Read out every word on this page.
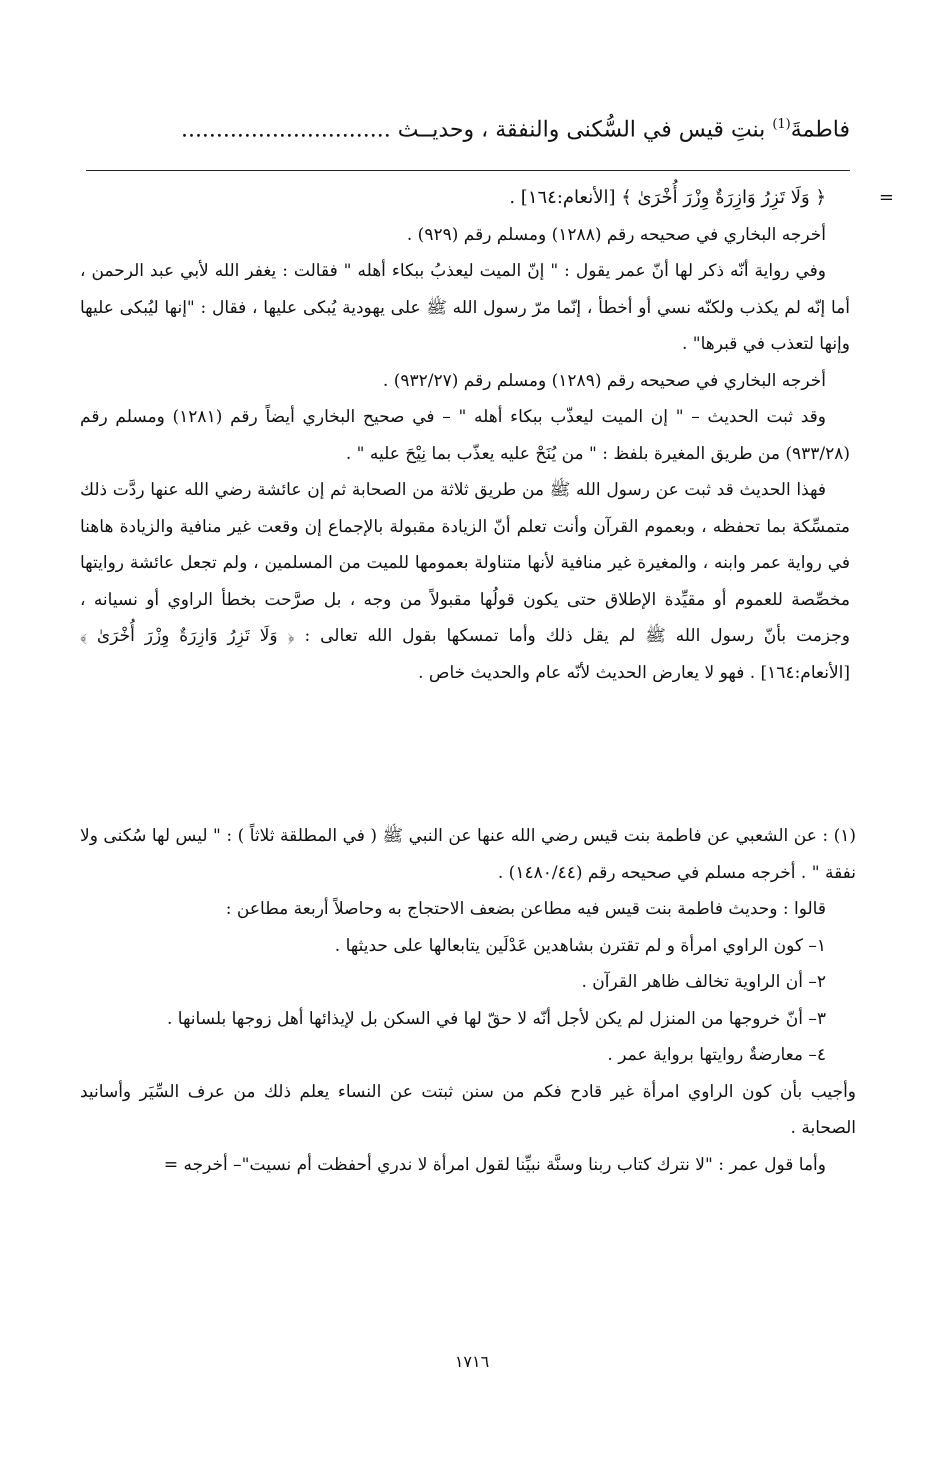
فاطمةَ$^{(1)}$ بنتِ قيس في السُّكنى والنفقة ، وحديــث ..............................

=
﴿ وَلَا تَزِرُ وَازِرَةٌ وِزْرَ أُخْرَىٰ ﴾ [الأنعام:١٦٤] .

أخرجه البخاري في صحيحه رقم (١٢٨٨) ومسلم رقم (٩٢٩) .

وفي رواية أنّه ذكر لها أنّ عمر يقول : " إنّ الميت ليعذبُ ببكاء أهله " فقالت : يغفر الله لأبي عبد الرحمن ، أما إنّه لم يكذب ولكنّه نسي أو أخطأ ، إنّما مرّ رسول الله ﷺ على يهودية يُبكى عليها ، فقال : "إنها ليُبكى عليها وإنها لتعذب في قبرها" .

أخرجه البخاري في صحيحه رقم (١٢٨٩) ومسلم رقم (٩٣٢/٢٧) .

وقد ثبت الحديث – " إن الميت ليعذّب ببكاء أهله " – في صحيح البخاري أيضاً رقم (١٢٨١) ومسلم رقم (٩٣٣/٢٨) من طريق المغيرة بلفظ : " من يُنَحْ عليه يعذّب بما نِيْحَ عليه " .

فهذا الحديث قد ثبت عن رسول الله ﷺ من طريق ثلاثة من الصحابة ثم إن عائشة رضي الله عنها ردَّت ذلك متمسِّكة بما تحفظه ، وبعموم القرآن وأنت تعلم أنّ الزيادة مقبولة بالإجماع إن وقعت غير منافية والزيادة هاهنا في رواية عمر وابنه ، والمغيرة غير منافية لأنها متناولة بعمومها للميت من المسلمين ، ولم تجعل عائشة روايتها مخصِّصة للعموم أو مقيِّدة الإطلاق حتى يكون قولُها مقبولاً من وجه ، بل صرَّحت بخطأ الراوي أو نسيانه ، وجزمت بأنّ رسول الله ﷺ لم يقل ذلك وأما تمسكها بقول الله تعالى : ﴿ وَلَا تَزِرُ وَازِرَةٌ وِزْرَ أُخْرَىٰ ﴾ [الأنعام:١٦٤] . فهو لا يعارض الحديث لأنّه عام والحديث خاص .

(١) : عن الشعبي عن فاطمة بنت قيس رضي الله عنها عن النبي ﷺ ( في المطلقة ثلاثاً ) : " ليس لها سُكنى ولا نفقة " . أخرجه مسلم في صحيحه رقم (١٤٨٠/٤٤) .

قالوا : وحديث فاطمة بنت قيس فيه مطاعن بضعف الاحتجاج به وحاصلاً أربعة مطاعن :

١– كون الراوي امرأة و لم تقترن بشاهدين عَدْلَين يتابعالها على حديثها .

٢– أن الراوية تخالف ظاهر القرآن .

٣– أنّ خروجها من المنزل لم يكن لأجل أنّه لا حقّ لها في السكن بل لإيذائها أهل زوجها بلسانها .

٤– معارضةٌ روايتها برواية عمر .

وأجيب بأن كون الراوي امرأة غير قادح فكم من سنن ثبتت عن النساء يعلم ذلك من عرف السِّيَر وأسانيد الصحابة .

وأما قول عمر : "لا نترك كتاب ربنا وسنَّة نبيِّنا لقول امرأة لا ندري أحفظت أم نسيت"– أخرجه =

١٧١٦
